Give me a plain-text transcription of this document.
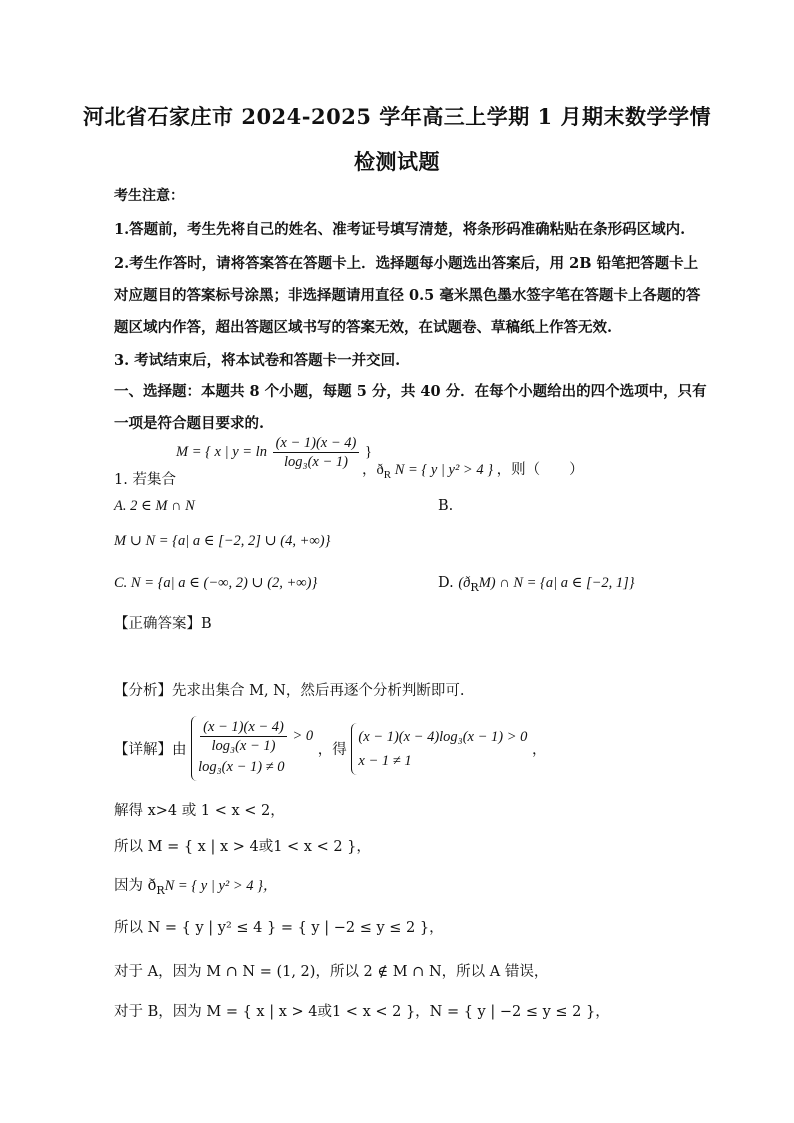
河北省石家庄市 2024-2025 学年高三上学期 1 月期末数学学情
检测试题
考生注意：
1.答题前，考生先将自己的姓名、准考证号填写清楚，将条形码准确粘贴在条形码区域内.
2.考生作答时，请将答案答在答题卡上．选择题每小题选出答案后，用 2B 铅笔把答题卡上
对应题目的答案标号涂黑；非选择题请用直径 0.5 毫米黑色墨水签字笔在答题卡上各题的答
题区域内作答，超出答题区域书写的答案无效，在试题卷、草稿纸上作答无效.
3. 考试结束后，将本试卷和答题卡一并交回.
一、选择题：本题共 8 个小题，每题 5 分，共 40 分．在每个小题给出的四个选项中，只有
一项是符合题目要求的.
1. 若集合
M = { x | $y = \ln \frac{(x - 1)(x - 4)}{\text{log₃(x − 1)}}$ }
，$ð_R$ N = { y | y² > 4 } ，则（　　）
A. 2 ∈ M ∩ N	B.
M ∪ N = {a| a ∈ [−2, 2] ∪ (4, +∞)}
C. N = {a| a ∈ (−∞, 2) ∪ (2, +∞)}	D. $(ð_RM)$ ∩ N = {a| a ∈ [−2, 1]}
【正确答案】B
【分析】先求出集合 M, N，然后再逐个分析判断即可.
【详解】由 $\frac{(x - 1)(x - 4)}{\text{log₃(x − 1)}} > 0$
log₃(x − 1) ≠ 0
，得
(x − 1)(x − 4)log₃(x − 1) > 0
x − 1 ≠ 1
，
解得 x>4 或 1 < x < 2，
所以 M = { x | x > 4或1 < x < 2 }，
因为 $ð_RN$ = { y | y² > 4 }，
所以 N = { y | y² ≤ 4 } = { y | −2 ≤ y ≤ 2 }，
对于 A，因为 M ∩ N = (1, 2)，所以 2 ∉ M ∩ N，所以 A 错误，
对于 B，因为 M = { x | x > 4或1 < x < 2 }，N = { y | −2 ≤ y ≤ 2 }，
